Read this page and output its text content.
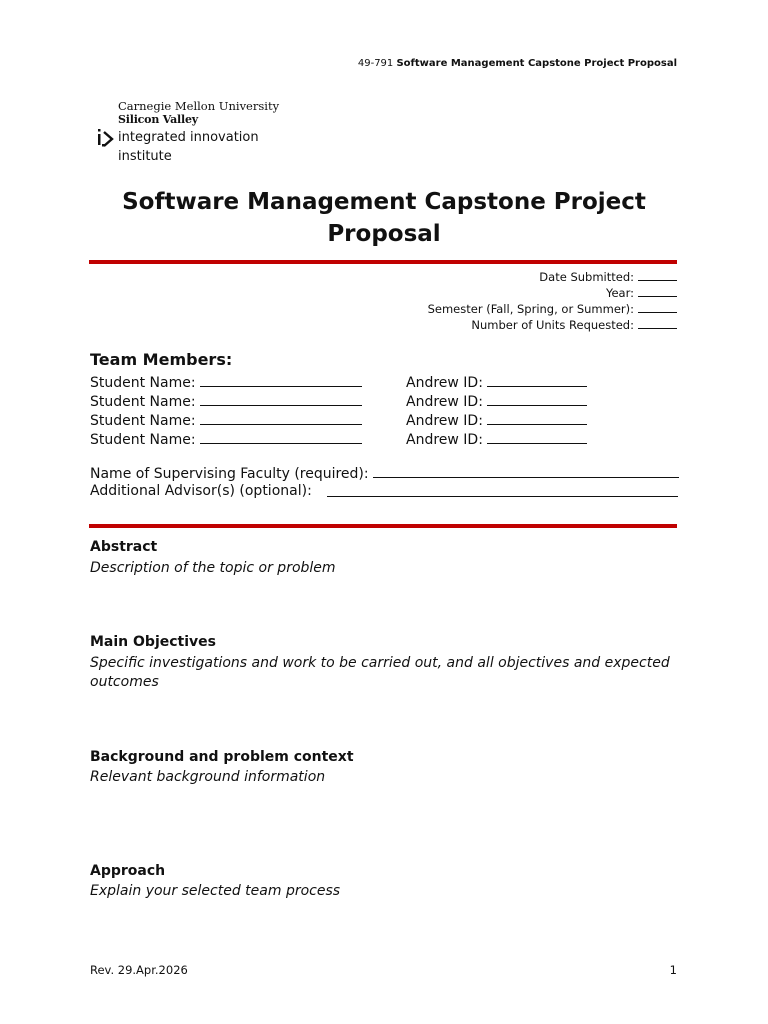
49-791 Software Management Capstone Project Proposal
Carnegie Mellon University
Silicon Valley
integrated innovation
institute
Software Management Capstone Project
Proposal
Date Submitted:
Year:
Semester (Fall, Spring, or Summer):
Number of Units Requested:
Team Members:
Student Name:	Andrew ID:
Student Name:	Andrew ID:
Student Name:	Andrew ID:
Student Name:	Andrew ID:
Name of Supervising Faculty (required):
Additional Advisor(s) (optional):
Abstract
Description of the topic or problem
Main Objectives
Specific investigations and work to be carried out, and all objectives and expected outcomes
Background and problem context
Relevant background information
Approach
Explain your selected team process
Rev. 29.Apr.2026	1
